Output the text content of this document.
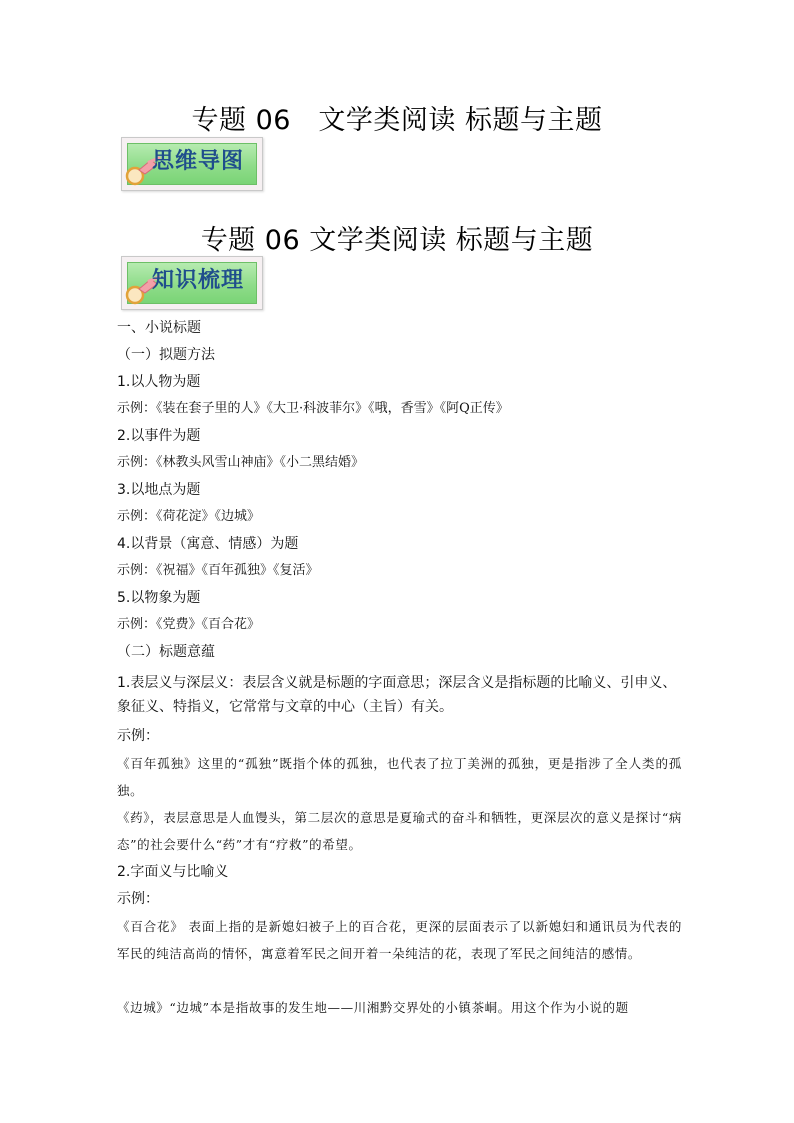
专题 06　文学类阅读 标题与主题
思维导图
专题 06 文学类阅读 标题与主题
知识梳理
一、小说标题
（一）拟题方法
1.以人物为题
示例：《装在套子里的人》《大卫·科波菲尔》《哦，香雪》《阿Q正传》
2.以事件为题
示例：《林教头风雪山神庙》《小二黑结婚》
3.以地点为题
示例：《荷花淀》《边城》
4.以背景（寓意、情感）为题
示例：《祝福》《百年孤独》《复活》
5.以物象为题
示例：《党费》《百合花》
（二）标题意蕴
1.表层义与深层义：表层含义就是标题的字面意思；深层含义是指标题的比喻义、引申义、象征义、特指义，它常常与文章的中心（主旨）有关。
示例：
《百年孤独》这里的“孤独”既指个体的孤独，也代表了拉丁美洲的孤独，更是指涉了全人类的孤独。
《药》，表层意思是人血馒头，第二层次的意思是夏瑜式的奋斗和牺牲，更深层次的意义是探讨“病态”的社会要什么“药”才有“疗救”的希望。
2.字面义与比喻义
示例：
《百合花》 表面上指的是新媳妇被子上的百合花，更深的层面表示了以新媳妇和通讯员为代表的军民的纯洁高尚的情怀，寓意着军民之间开着一朵纯洁的花，表现了军民之间纯洁的感情。
《边城》“边城”本是指故事的发生地——川湘黔交界处的小镇茶峒。用这个作为小说的题
